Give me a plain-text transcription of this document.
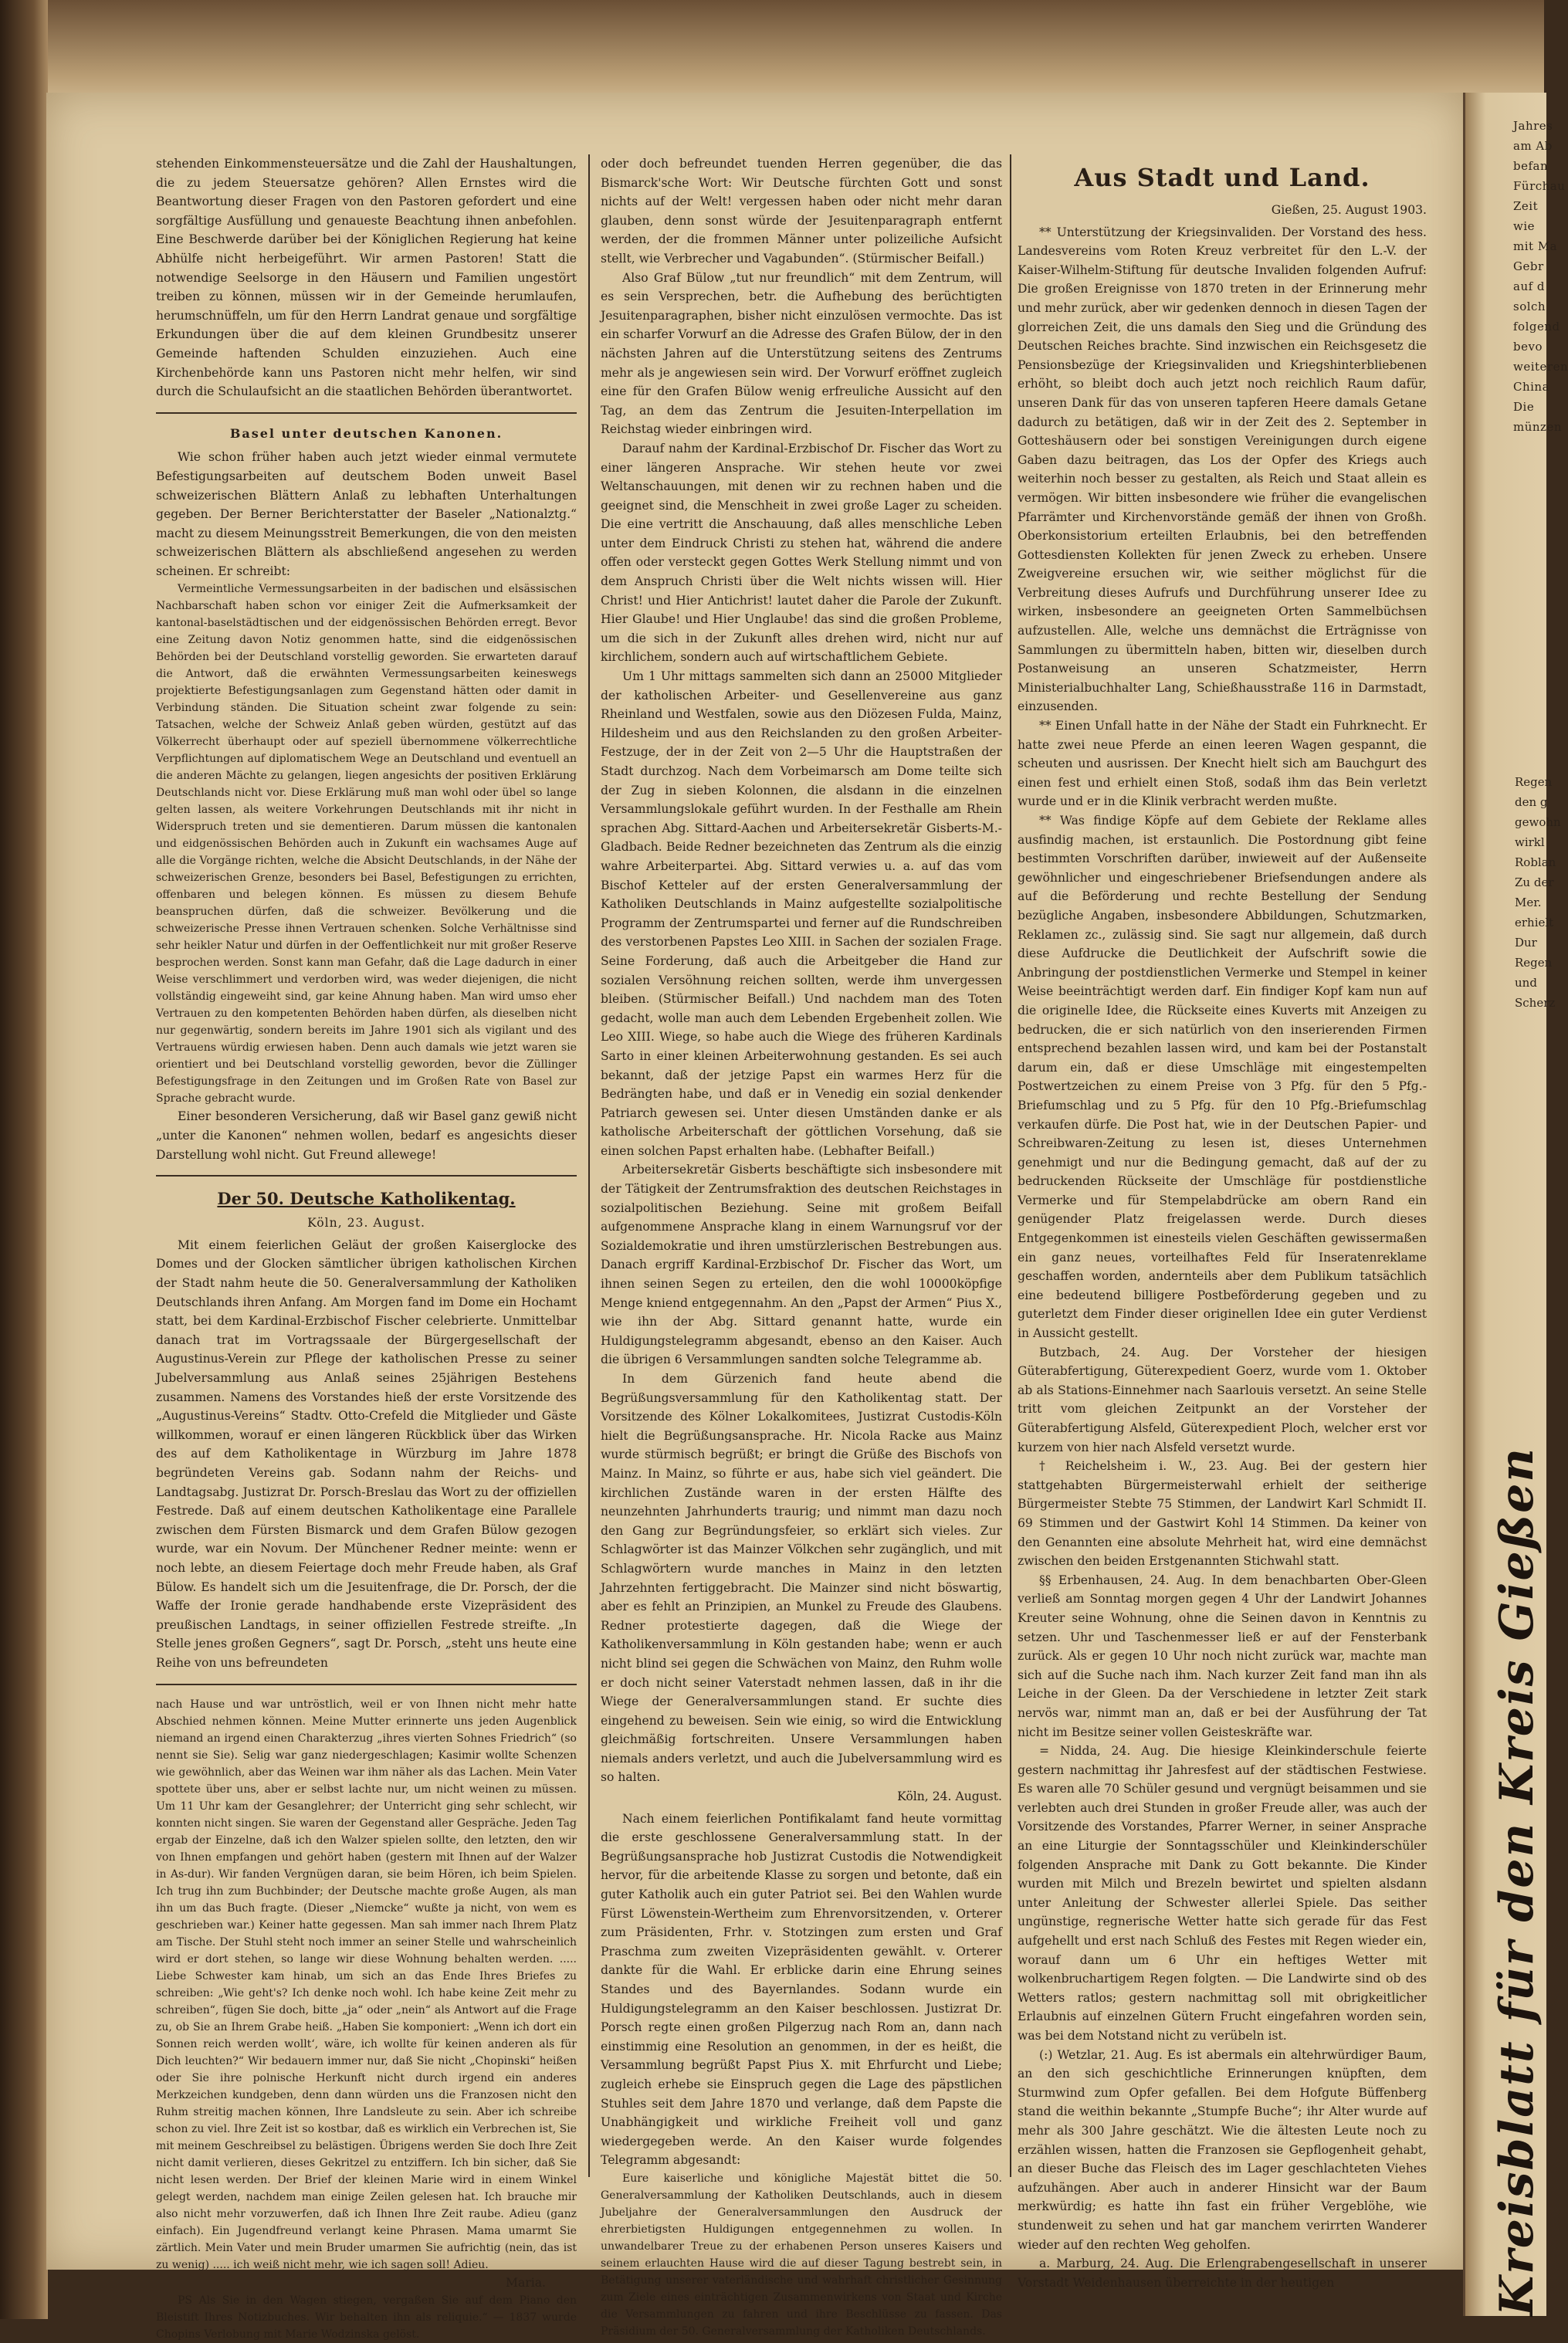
stehenden Einkommensteuersätze und die Zahl der Haushaltungen, die zu jedem Steuersatze gehören? Allen Ernstes wird die Beantwortung dieser Fragen von den Pastoren gefordert und eine sorgfältige Ausfüllung und genaueste Beachtung ihnen anbefohlen. Eine Beschwerde darüber bei der Königlichen Regierung hat keine Abhülfe nicht herbeigeführt. Wir armen Pastoren! Statt die notwendige Seelsorge in den Häusern und Familien ungestört treiben zu können, müssen wir in der Gemeinde herumlaufen, herumschnüffeln, um für den Herrn Landrat genaue und sorgfältige Erkundungen über die auf dem kleinen Grundbesitz unserer Gemeinde haftenden Schulden einzuziehen. Auch eine Kirchenbehörde kann uns Pastoren nicht mehr helfen, wir sind durch die Schulaufsicht an die staatlichen Behörden überantwortet.

Basel unter deutschen Kanonen.

Wie schon früher haben auch jetzt wieder einmal vermutete Befestigungsarbeiten auf deutschem Boden unweit Basel schweizerischen Blättern Anlaß zu lebhaften Unterhaltungen gegeben. Der Berner Berichterstatter der Baseler „Nationalztg.“ macht zu diesem Meinungsstreit Bemerkungen, die von den meisten schweizerischen Blättern als abschließend angesehen zu werden scheinen. Er schreibt:

Vermeintliche Vermessungsarbeiten in der badischen und elsässischen Nachbarschaft haben schon vor einiger Zeit die Aufmerksamkeit der kantonal-baselstädtischen und der eidgenössischen Behörden erregt. Bevor eine Zeitung davon Notiz genommen hatte, sind die eidgenössischen Behörden bei der Deutschland vorstellig geworden. Sie erwarteten darauf die Antwort, daß die erwähnten Vermessungsarbeiten keineswegs projektierte Befestigungsanlagen zum Gegenstand hätten oder damit in Verbindung ständen. Die Situation scheint zwar folgende zu sein: Tatsachen, welche der Schweiz Anlaß geben würden, gestützt auf das Völkerrecht überhaupt oder auf speziell übernommene völkerrechtliche Verpflichtungen auf diplomatischem Wege an Deutschland und eventuell an die anderen Mächte zu gelangen, liegen angesichts der positiven Erklärung Deutschlands nicht vor. Diese Erklärung muß man wohl oder übel so lange gelten lassen, als weitere Vorkehrungen Deutschlands mit ihr nicht in Widerspruch treten und sie dementieren. Darum müssen die kantonalen und eidgenössischen Behörden auch in Zukunft ein wachsames Auge auf alle die Vorgänge richten, welche die Absicht Deutschlands, in der Nähe der schweizerischen Grenze, besonders bei Basel, Befestigungen zu errichten, offenbaren und belegen können. Es müssen zu diesem Behufe beanspruchen dürfen, daß die schweizer. Bevölkerung und die schweizerische Presse ihnen Vertrauen schenken. Solche Verhältnisse sind sehr heikler Natur und dürfen in der Oeffentlichkeit nur mit großer Reserve besprochen werden. Sonst kann man Gefahr, daß die Lage dadurch in einer Weise verschlimmert und verdorben wird, was weder diejenigen, die nicht vollständig eingeweiht sind, gar keine Ahnung haben. Man wird umso eher Vertrauen zu den kompetenten Behörden haben dürfen, als dieselben nicht nur gegenwärtig, sondern bereits im Jahre 1901 sich als vigilant und des Vertrauens würdig erwiesen haben. Denn auch damals wie jetzt waren sie orientiert und bei Deutschland vorstellig geworden, bevor die Züllinger Befestigungsfrage in den Zeitungen und im Großen Rate von Basel zur Sprache gebracht wurde.

Einer besonderen Versicherung, daß wir Basel ganz gewiß nicht „unter die Kanonen“ nehmen wollen, bedarf es angesichts dieser Darstellung wohl nicht. Gut Freund allewege!

Der 50. Deutsche Katholikentag.
Köln, 23. August.

Mit einem feierlichen Geläut der großen Kaiserglocke des Domes und der Glocken sämtlicher übrigen katholischen Kirchen der Stadt nahm heute die 50. Generalversammlung der Katholiken Deutschlands ihren Anfang. Am Morgen fand im Dome ein Hochamt statt, bei dem Kardinal-Erzbischof Fischer celebrierte. Unmittelbar danach trat im Vortragssaale der Bürgergesellschaft der Augustinus-Verein zur Pflege der katholischen Presse zu seiner Jubelversammlung aus Anlaß seines 25jährigen Bestehens zusammen. Namens des Vorstandes hieß der erste Vorsitzende des „Augustinus-Vereins“ Stadtv. Otto-Crefeld die Mitglieder und Gäste willkommen, worauf er einen längeren Rückblick über das Wirken des auf dem Katholikentage in Würzburg im Jahre 1878 begründeten Vereins gab. Sodann nahm der Reichs- und Landtagsabg. Justizrat Dr. Porsch-Breslau das Wort zu der offiziellen Festrede. Daß auf einem deutschen Katholikentage eine Parallele zwischen dem Fürsten Bismarck und dem Grafen Bülow gezogen wurde, war ein Novum. Der Münchener Redner meinte: wenn er noch lebte, an diesem Feiertage doch mehr Freude haben, als Graf Bülow. Es handelt sich um die Jesuitenfrage, die Dr. Porsch, der die Waffe der Ironie gerade handhabende erste Vizepräsident des preußischen Landtags, in seiner offiziellen Festrede streifte. „In Stelle jenes großen Gegners“, sagt Dr. Porsch, „steht uns heute eine Reihe von uns befreundeten

nach Hause und war untröstlich, weil er von Ihnen nicht mehr hatte Abschied nehmen können. Meine Mutter erinnerte uns jeden Augenblick niemand an irgend einen Charakterzug „ihres vierten Sohnes Friedrich“ (so nennt sie Sie). Selig war ganz niedergeschlagen; Kasimir wollte Schenzen wie gewöhnlich, aber das Weinen war ihm näher als das Lachen. Mein Vater spottete über uns, aber er selbst lachte nur, um nicht weinen zu müssen. Um 11 Uhr kam der Gesanglehrer; der Unterricht ging sehr schlecht, wir konnten nicht singen. Sie waren der Gegenstand aller Gespräche. Jeden Tag ergab der Einzelne, daß ich den Walzer spielen sollte, den letzten, den wir von Ihnen empfangen und gehört haben (gestern mit Ihnen auf der Walzer in As-dur). Wir fanden Vergnügen daran, sie beim Hören, ich beim Spielen. Ich trug ihn zum Buchbinder; der Deutsche machte große Augen, als man ihn um das Buch fragte. (Dieser „Niemcke“ wußte ja nicht, von wem es geschrieben war.) Keiner hatte gegessen. Man sah immer nach Ihrem Platz am Tische. Der Stuhl steht noch immer an seiner Stelle und wahrscheinlich wird er dort stehen, so lange wir diese Wohnung behalten werden. ..... Liebe Schwester kam hinab, um sich an das Ende Ihres Briefes zu schreiben: „Wie geht's? Ich denke noch wohl. Ich habe keine Zeit mehr zu schreiben“, fügen Sie doch, bitte „ja“ oder „nein“ als Antwort auf die Frage zu, ob Sie an Ihrem Grabe heiß. „Haben Sie komponiert: „Wenn ich dort ein Sonnen reich werden wollt‘, wäre, ich wollte für keinen anderen als für Dich leuchten?“ Wir bedauern immer nur, daß Sie nicht „Chopinski“ heißen oder Sie ihre polnische Herkunft nicht durch irgend ein anderes Merkzeichen kundgeben, denn dann würden uns die Franzosen nicht den Ruhm streitig machen können, Ihre Landsleute zu sein. Aber ich schreibe schon zu viel. Ihre Zeit ist so kostbar, daß es wirklich ein Verbrechen ist, Sie mit meinem Geschreibsel zu belästigen. Übrigens werden Sie doch Ihre Zeit nicht damit verlieren, dieses Gekritzel zu entziffern. Ich bin sicher, daß Sie nicht lesen werden. Der Brief der kleinen Marie wird in einem Winkel gelegt werden, nachdem man einige Zeilen gelesen hat. Ich brauche mir also nicht mehr vorzuwerfen, daß ich Ihnen Ihre Zeit raube. Adieu (ganz einfach). Ein Jugendfreund verlangt keine Phrasen. Mama umarmt Sie zärtlich. Mein Vater und mein Bruder umarmen Sie aufrichtig (nein, das ist zu wenig) ..... ich weiß nicht mehr, wie ich sagen soll! Adieu.

Maria.

PS Als Sie in den Wagen stiegen, vergaßen Sie auf dem Piano den Bleistift Ihres Notizbuches. Wir behalten ihn als reliquie.“ — 1837 wurde Chopins Verlobung mit Marie Wodzinska gelöst.

oder doch befreundet tuenden Herren gegenüber, die das Bismarck'sche Wort: Wir Deutsche fürchten Gott und sonst nichts auf der Welt! vergessen haben oder nicht mehr daran glauben, denn sonst würde der Jesuitenparagraph entfernt werden, der die frommen Männer unter polizeiliche Aufsicht stellt, wie Verbrecher und Vagabunden“. (Stürmischer Beifall.)

Also Graf Bülow „tut nur freundlich“ mit dem Zentrum, will es sein Versprechen, betr. die Aufhebung des berüchtigten Jesuitenparagraphen, bisher nicht einzulösen vermochte. Das ist ein scharfer Vorwurf an die Adresse des Grafen Bülow, der in den nächsten Jahren auf die Unterstützung seitens des Zentrums mehr als je angewiesen sein wird. Der Vorwurf eröffnet zugleich eine für den Grafen Bülow wenig erfreuliche Aussicht auf den Tag, an dem das Zentrum die Jesuiten-Interpellation im Reichstag wieder einbringen wird.

Darauf nahm der Kardinal-Erzbischof Dr. Fischer das Wort zu einer längeren Ansprache. Wir stehen heute vor zwei Weltanschauungen, mit denen wir zu rechnen haben und die geeignet sind, die Menschheit in zwei große Lager zu scheiden. Die eine vertritt die Anschauung, daß alles menschliche Leben unter dem Eindruck Christi zu stehen hat, während die andere offen oder versteckt gegen Gottes Werk Stellung nimmt und von dem Anspruch Christi über die Welt nichts wissen will. Hier Christ! und Hier Antichrist! lautet daher die Parole der Zukunft. Hier Glaube! und Hier Unglaube! das sind die großen Probleme, um die sich in der Zukunft alles drehen wird, nicht nur auf kirchlichem, sondern auch auf wirtschaftlichem Gebiete.

Um 1 Uhr mittags sammelten sich dann an 25000 Mitglieder der katholischen Arbeiter- und Gesellenvereine aus ganz Rheinland und Westfalen, sowie aus den Diözesen Fulda, Mainz, Hildesheim und aus den Reichslanden zu den großen Arbeiter-Festzuge, der in der Zeit von 2—5 Uhr die Hauptstraßen der Stadt durchzog. Nach dem Vorbeimarsch am Dome teilte sich der Zug in sieben Kolonnen, die alsdann in die einzelnen Versammlungslokale geführt wurden. In der Festhalle am Rhein sprachen Abg. Sittard-Aachen und Arbeitersekretär Gisberts-M.-Gladbach. Beide Redner bezeichneten das Zentrum als die einzig wahre Arbeiterpartei. Abg. Sittard verwies u. a. auf das vom Bischof Ketteler auf der ersten Generalversammlung der Katholiken Deutschlands in Mainz aufgestellte sozialpolitische Programm der Zentrumspartei und ferner auf die Rundschreiben des verstorbenen Papstes Leo XIII. in Sachen der sozialen Frage. Seine Forderung, daß auch die Arbeitgeber die Hand zur sozialen Versöhnung reichen sollten, werde ihm unvergessen bleiben. (Stürmischer Beifall.) Und nachdem man des Toten gedacht, wolle man auch dem Lebenden Ergebenheit zollen. Wie Leo XIII. Wiege, so habe auch die Wiege des früheren Kardinals Sarto in einer kleinen Arbeiterwohnung gestanden. Es sei auch bekannt, daß der jetzige Papst ein warmes Herz für die Bedrängten habe, und daß er in Venedig ein sozial denkender Patriarch gewesen sei. Unter diesen Umständen danke er als katholische Arbeiterschaft der göttlichen Vorsehung, daß sie einen solchen Papst erhalten habe. (Lebhafter Beifall.)

Arbeitersekretär Gisberts beschäftigte sich insbesondere mit der Tätigkeit der Zentrumsfraktion des deutschen Reichstages in sozialpolitischen Beziehung. Seine mit großem Beifall aufgenommene Ansprache klang in einem Warnungsruf vor der Sozialdemokratie und ihren umstürzlerischen Bestrebungen aus. Danach ergriff Kardinal-Erzbischof Dr. Fischer das Wort, um ihnen seinen Segen zu erteilen, den die wohl 10000köpfige Menge kniend entgegennahm. An den „Papst der Armen“ Pius X., wie ihn der Abg. Sittard genannt hatte, wurde ein Huldigungstelegramm abgesandt, ebenso an den Kaiser. Auch die übrigen 6 Versammlungen sandten solche Telegramme ab.

In dem Gürzenich fand heute abend die Begrüßungsversammlung für den Katholikentag statt. Der Vorsitzende des Kölner Lokalkomitees, Justizrat Custodis-Köln hielt die Begrüßungsansprache. Hr. Nicola Racke aus Mainz wurde stürmisch begrüßt; er bringt die Grüße des Bischofs von Mainz. In Mainz, so führte er aus, habe sich viel geändert. Die kirchlichen Zustände waren in der ersten Hälfte des neunzehnten Jahrhunderts traurig; und nimmt man dazu noch den Gang zur Begründungsfeier, so erklärt sich vieles. Zur Schlagwörter ist das Mainzer Völkchen sehr zugänglich, und mit Schlagwörtern wurde manches in Mainz in den letzten Jahrzehnten fertiggebracht. Die Mainzer sind nicht böswartig, aber es fehlt an Prinzipien, an Munkel zu Freude des Glaubens. Redner protestierte dagegen, daß die Wiege der Katholikenversammlung in Köln gestanden habe; wenn er auch nicht blind sei gegen die Schwächen von Mainz, den Ruhm wolle er doch nicht seiner Vaterstadt nehmen lassen, daß in ihr die Wiege der Generalversammlungen stand. Er suchte dies eingehend zu beweisen. Sein wie einig, so wird die Entwicklung gleichmäßig fortschreiten. Unsere Versammlungen haben niemals anders verletzt, und auch die Jubelversammlung wird es so halten.

Köln, 24. August.

Nach einem feierlichen Pontifikalamt fand heute vormittag die erste geschlossene Generalversammlung statt. In der Begrüßungsansprache hob Justizrat Custodis die Notwendigkeit hervor, für die arbeitende Klasse zu sorgen und betonte, daß ein guter Katholik auch ein guter Patriot sei. Bei den Wahlen wurde Fürst Löwenstein-Wertheim zum Ehrenvorsitzenden, v. Orterer zum Präsidenten, Frhr. v. Stotzingen zum ersten und Graf Praschma zum zweiten Vizepräsidenten gewählt. v. Orterer dankte für die Wahl. Er erblicke darin eine Ehrung seines Standes und des Bayernlandes. Sodann wurde ein Huldigungstelegramm an den Kaiser beschlossen. Justizrat Dr. Porsch regte einen großen Pilgerzug nach Rom an, dann nach einstimmig eine Resolution an genommen, in der es heißt, die Versammlung begrüßt Papst Pius X. mit Ehrfurcht und Liebe; zugleich erhebe sie Einspruch gegen die Lage des päpstlichen Stuhles seit dem Jahre 1870 und verlange, daß dem Papste die Unabhängigkeit und wirkliche Freiheit voll und ganz wiedergegeben werde. An den Kaiser wurde folgendes Telegramm abgesandt:

Eure kaiserliche und königliche Majestät bittet die 50. Generalversammlung der Katholiken Deutschlands, auch in diesem Jubeljahre der Generalversammlungen den Ausdruck der ehrerbietigsten Huldigungen entgegennehmen zu wollen. In unwandelbarer Treue zu der erhabenen Person unseres Kaisers und seinem erlauchten Hause wird die auf dieser Tagung bestrebt sein, in Betätigung unserer vaterländische und wahrhaft christlicher Gesinnung zum Ziele eines einträchtigen Zusammenwirkens von Staat und Kirche die Versammlungen zu fahren und ihre Beschlüsse zu fassen. Das Präsidium der 50. Generalversammlung der Katholiken Deutschlands.

Aus Stadt und Land.
Gießen, 25. August 1903.

** Unterstützung der Kriegsinvaliden. Der Vorstand des hess. Landesvereins vom Roten Kreuz verbreitet für den L.-V. der Kaiser-Wilhelm-Stiftung für deutsche Invaliden folgenden Aufruf: Die großen Ereignisse von 1870 treten in der Erinnerung mehr und mehr zurück, aber wir gedenken dennoch in diesen Tagen der glorreichen Zeit, die uns damals den Sieg und die Gründung des Deutschen Reiches brachte. Sind inzwischen ein Reichsgesetz die Pensionsbezüge der Kriegsinvaliden und Kriegshinterbliebenen erhöht, so bleibt doch auch jetzt noch reichlich Raum dafür, unseren Dank für das von unseren tapferen Heere damals Getane dadurch zu betätigen, daß wir in der Zeit des 2. September in Gotteshäusern oder bei sonstigen Vereinigungen durch eigene Gaben dazu beitragen, das Los der Opfer des Kriegs auch weiterhin noch besser zu gestalten, als Reich und Staat allein es vermögen. Wir bitten insbesondere wie früher die evangelischen Pfarrämter und Kirchenvorstände gemäß der ihnen von Großh. Oberkonsistorium erteilten Erlaubnis, bei den betreffenden Gottesdiensten Kollekten für jenen Zweck zu erheben. Unsere Zweigvereine ersuchen wir, wie seither möglichst für die Verbreitung dieses Aufrufs und Durchführung unserer Idee zu wirken, insbesondere an geeigneten Orten Sammelbüchsen aufzustellen. Alle, welche uns demnächst die Erträgnisse von Sammlungen zu übermitteln haben, bitten wir, dieselben durch Postanweisung an unseren Schatzmeister, Herrn Ministerialbuchhalter Lang, Schießhausstraße 116 in Darmstadt, einzusenden.

** Einen Unfall hatte in der Nähe der Stadt ein Fuhrknecht. Er hatte zwei neue Pferde an einen leeren Wagen gespannt, die scheuten und ausrissen. Der Knecht hielt sich am Bauchgurt des einen fest und erhielt einen Stoß, sodaß ihm das Bein verletzt wurde und er in die Klinik verbracht werden mußte.

** Was findige Köpfe auf dem Gebiete der Reklame alles ausfindig machen, ist erstaunlich. Die Postordnung gibt feine bestimmten Vorschriften darüber, inwieweit auf der Außenseite gewöhnlicher und eingeschriebener Briefsendungen andere als auf die Beförderung und rechte Bestellung der Sendung bezügliche Angaben, insbesondere Abbildungen, Schutzmarken, Reklamen zc., zulässig sind. Sie sagt nur allgemein, daß durch diese Aufdrucke die Deutlichkeit der Aufschrift sowie die Anbringung der postdienstlichen Vermerke und Stempel in keiner Weise beeinträchtigt werden darf. Ein findiger Kopf kam nun auf die originelle Idee, die Rückseite eines Kuverts mit Anzeigen zu bedrucken, die er sich natürlich von den inserierenden Firmen entsprechend bezahlen lassen wird, und kam bei der Postanstalt darum ein, daß er diese Umschläge mit eingestempelten Postwertzeichen zu einem Preise von 3 Pfg. für den 5 Pfg.-Briefumschlag und zu 5 Pfg. für den 10 Pfg.-Briefumschlag verkaufen dürfe. Die Post hat, wie in der Deutschen Papier- und Schreibwaren-Zeitung zu lesen ist, dieses Unternehmen genehmigt und nur die Bedingung gemacht, daß auf der zu bedruckenden Rückseite der Umschläge für postdienstliche Vermerke und für Stempelabdrücke am obern Rand ein genügender Platz freigelassen werde. Durch dieses Entgegenkommen ist einesteils vielen Geschäften gewissermaßen ein ganz neues, vorteilhaftes Feld für Inseratenreklame geschaffen worden, andernteils aber dem Publikum tatsächlich eine bedeutend billigere Postbeförderung gegeben und zu guterletzt dem Finder dieser originellen Idee ein guter Verdienst in Aussicht gestellt.

Butzbach, 24. Aug. Der Vorsteher der hiesigen Güterabfertigung, Güterexpedient Goerz, wurde vom 1. Oktober ab als Stations-Einnehmer nach Saarlouis versetzt. An seine Stelle tritt vom gleichen Zeitpunkt an der Vorsteher der Güterabfertigung Alsfeld, Güterexpedient Ploch, welcher erst vor kurzem von hier nach Alsfeld versetzt wurde.

† Reichelsheim i. W., 23. Aug. Bei der gestern hier stattgehabten Bürgermeisterwahl erhielt der seitherige Bürgermeister Stebte 75 Stimmen, der Landwirt Karl Schmidt II. 69 Stimmen und der Gastwirt Kohl 14 Stimmen. Da keiner von den Genannten eine absolute Mehrheit hat, wird eine demnächst zwischen den beiden Erstgenannten Stichwahl statt.

§§ Erbenhausen, 24. Aug. In dem benachbarten Ober-Gleen verließ am Sonntag morgen gegen 4 Uhr der Landwirt Johannes Kreuter seine Wohnung, ohne die Seinen davon in Kenntnis zu setzen. Uhr und Taschenmesser ließ er auf der Fensterbank zurück. Als er gegen 10 Uhr noch nicht zurück war, machte man sich auf die Suche nach ihm. Nach kurzer Zeit fand man ihn als Leiche in der Gleen. Da der Verschiedene in letzter Zeit stark nervös war, nimmt man an, daß er bei der Ausführung der Tat nicht im Besitze seiner vollen Geisteskräfte war.

= Nidda, 24. Aug. Die hiesige Kleinkinderschule feierte gestern nachmittag ihr Jahresfest auf der städtischen Festwiese. Es waren alle 70 Schüler gesund und vergnügt beisammen und sie verlebten auch drei Stunden in großer Freude aller, was auch der Vorsitzende des Vorstandes, Pfarrer Werner, in seiner Ansprache an eine Liturgie der Sonntagsschüler und Kleinkinderschüler folgenden Ansprache mit Dank zu Gott bekannte. Die Kinder wurden mit Milch und Brezeln bewirtet und spielten alsdann unter Anleitung der Schwester allerlei Spiele. Das seither ungünstige, regnerische Wetter hatte sich gerade für das Fest aufgehellt und erst nach Schluß des Festes mit Regen wieder ein, worauf dann um 6 Uhr ein heftiges Wetter mit wolkenbruchartigem Regen folgten. — Die Landwirte sind ob des Wetters ratlos; gestern nachmittag soll mit obrigkeitlicher Erlaubnis auf einzelnen Gütern Frucht eingefahren worden sein, was bei dem Notstand nicht zu verübeln ist.

(:) Wetzlar, 21. Aug. Es ist abermals ein altehrwürdiger Baum, an den sich geschichtliche Erinnerungen knüpften, dem Sturmwind zum Opfer gefallen. Bei dem Hofgute Büffenberg stand die weithin bekannte „Stumpfe Buche“; ihr Alter wurde auf mehr als 300 Jahre geschätzt. Wie die ältesten Leute noch zu erzählen wissen, hatten die Franzosen sie Gepflogenheit gehabt, an dieser Buche das Fleisch des im Lager geschlachteten Viehes aufzuhängen. Aber auch in anderer Hinsicht war der Baum merkwürdig; es hatte ihn fast ein früher Vergeblöhe, wie stundenweit zu sehen und hat gar manchem verirrten Wanderer wieder auf den rechten Weg geholfen.

a. Marburg, 24. Aug. Die Erlengrabengesellschaft in unserer Vorstadt Weidenhausen überreichte in der heutigen

Jahres
am
befan
Fürchau
Zeit
wie
mit Ma
Gebr
auf d
solch
folgend
bevo
weiteren
China
Die
münzen
Regen
den g
gewohn
wirkl
Roblan
Zu der
Mer.
erhielt
Dur
Regen
und
Scherz
Kreisblatt für den Kreis Gießen
